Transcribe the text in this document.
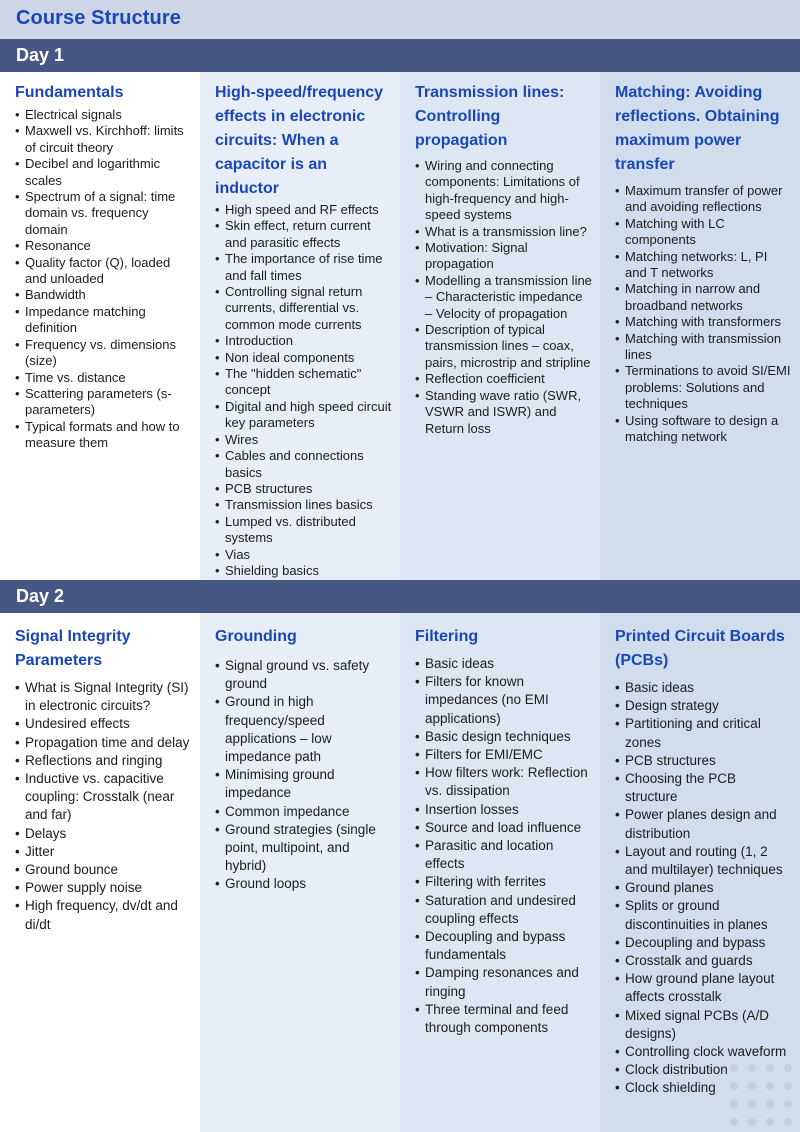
Course Structure
Day 1
Fundamentals
• Electrical signals
• Maxwell vs. Kirchhoff: limits of circuit theory
• Decibel and logarithmic scales
• Spectrum of a signal: time domain vs. frequency domain
• Resonance
• Quality factor (Q), loaded and unloaded
• Bandwidth
• Impedance matching definition
• Frequency vs. dimensions (size)
• Time vs. distance
• Scattering parameters (s-parameters)
• Typical formats and how to measure them
High-speed/frequency effects in electronic circuits: When a capacitor is an inductor
• High speed and RF effects
• Skin effect, return current and parasitic effects
• The importance of rise time and fall times
• Controlling signal return currents, differential vs. common mode currents
• Introduction
• Non ideal components
• The "hidden schematic" concept
• Digital and high speed circuit key parameters
• Wires
• Cables and connections basics
• PCB structures
• Transmission lines basics
• Lumped vs. distributed systems
• Vias
• Shielding basics
•
Transmission lines: Controlling propagation
• Wiring and connecting components: Limitations of high-frequency and high-speed systems
• What is a transmission line?
• Motivation: Signal propagation
• Modelling a transmission line – Characteristic impedance – Velocity of propagation
• Description of typical transmission lines – coax, pairs, microstrip and stripline
• Reflection coefficient
• Standing wave ratio (SWR, VSWR and ISWR) and Return loss
Matching: Avoiding reflections. Obtaining maximum power transfer
• Maximum transfer of power and avoiding reflections
• Matching with LC components
• Matching networks: L, PI and T networks
• Matching in narrow and broadband networks
• Matching with transformers
• Matching with transmission lines
• Terminations to avoid SI/EMI problems: Solutions and techniques
• Using software to design a matching network
Day 2
Signal Integrity Parameters
• What is Signal Integrity (SI) in electronic circuits?
• Undesired effects
• Propagation time and delay
• Reflections and ringing
• Inductive vs. capacitive coupling: Crosstalk (near and far)
• Delays
• Jitter
• Ground bounce
• Power supply noise
• High frequency, dv/dt and di/dt
Grounding
• Signal ground vs. safety ground
• Ground in high frequency/speed applications – low impedance path
• Minimising ground impedance
• Common impedance
• Ground strategies (single point, multipoint, and hybrid)
• Ground loops
Filtering
• Basic ideas
• Filters for known impedances (no EMI applications)
• Basic design techniques
• Filters for EMI/EMC
• How filters work: Reflection vs. dissipation
• Insertion losses
• Source and load influence
• Parasitic and location effects
• Filtering with ferrites
• Saturation and undesired coupling effects
• Decoupling and bypass fundamentals
• Damping resonances and ringing
• Three terminal and feed through components
Printed Circuit Boards (PCBs)
• Basic ideas
• Design strategy
• Partitioning and critical zones
• PCB structures
• Choosing the PCB structure
• Power planes design and distribution
• Layout and routing (1, 2 and multilayer) techniques
• Ground planes
• Splits or ground discontinuities in planes
• Decoupling and bypass
• Crosstalk and guards
• How ground plane layout affects crosstalk
• Mixed signal PCBs (A/D designs)
• Controlling clock waveform
• Clock distribution
• Clock shielding
